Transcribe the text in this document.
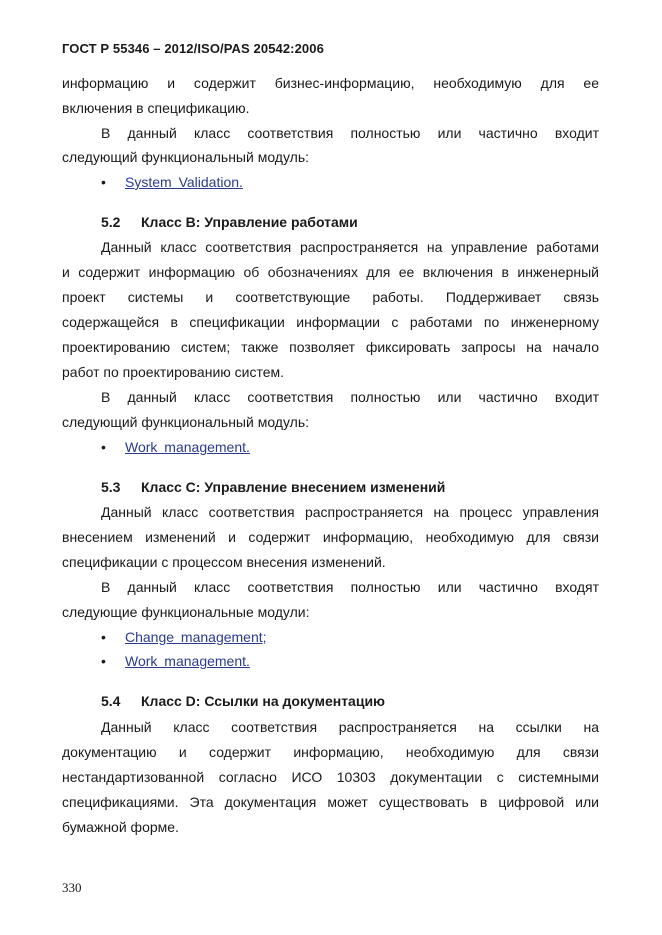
ГОСТ Р 55346 – 2012/ISO/PAS 20542:2006
информацию и содержит бизнес-информацию, необходимую для ее
включения в спецификацию.
В данный класс соответствия полностью или частично входит
следующий функциональный модуль:
• System Validation.
5.2 Класс B: Управление работами
Данный класс соответствия распространяется на управление работами
и содержит информацию об обозначениях для ее включения в инженерный
проект системы и соответствующие работы. Поддерживает связь
содержащейся в спецификации информации с работами по инженерному
проектированию систем; также позволяет фиксировать запросы на начало
работ по проектированию систем.
В данный класс соответствия полностью или частично входит
следующий функциональный модуль:
• Work management.
5.3 Класс C: Управление внесением изменений
Данный класс соответствия распространяется на процесс управления
внесением изменений и содержит информацию, необходимую для связи
спецификации с процессом внесения изменений.
В данный класс соответствия полностью или частично входят
следующие функциональные модули:
• Change management;
• Work management.
5.4 Класс D: Ссылки на документацию
Данный класс соответствия распространяется на ссылки на
документацию и содержит информацию, необходимую для связи
нестандартизованной согласно ИСО 10303 документации с системными
спецификациями. Эта документация может существовать в цифровой или
бумажной форме.
330
